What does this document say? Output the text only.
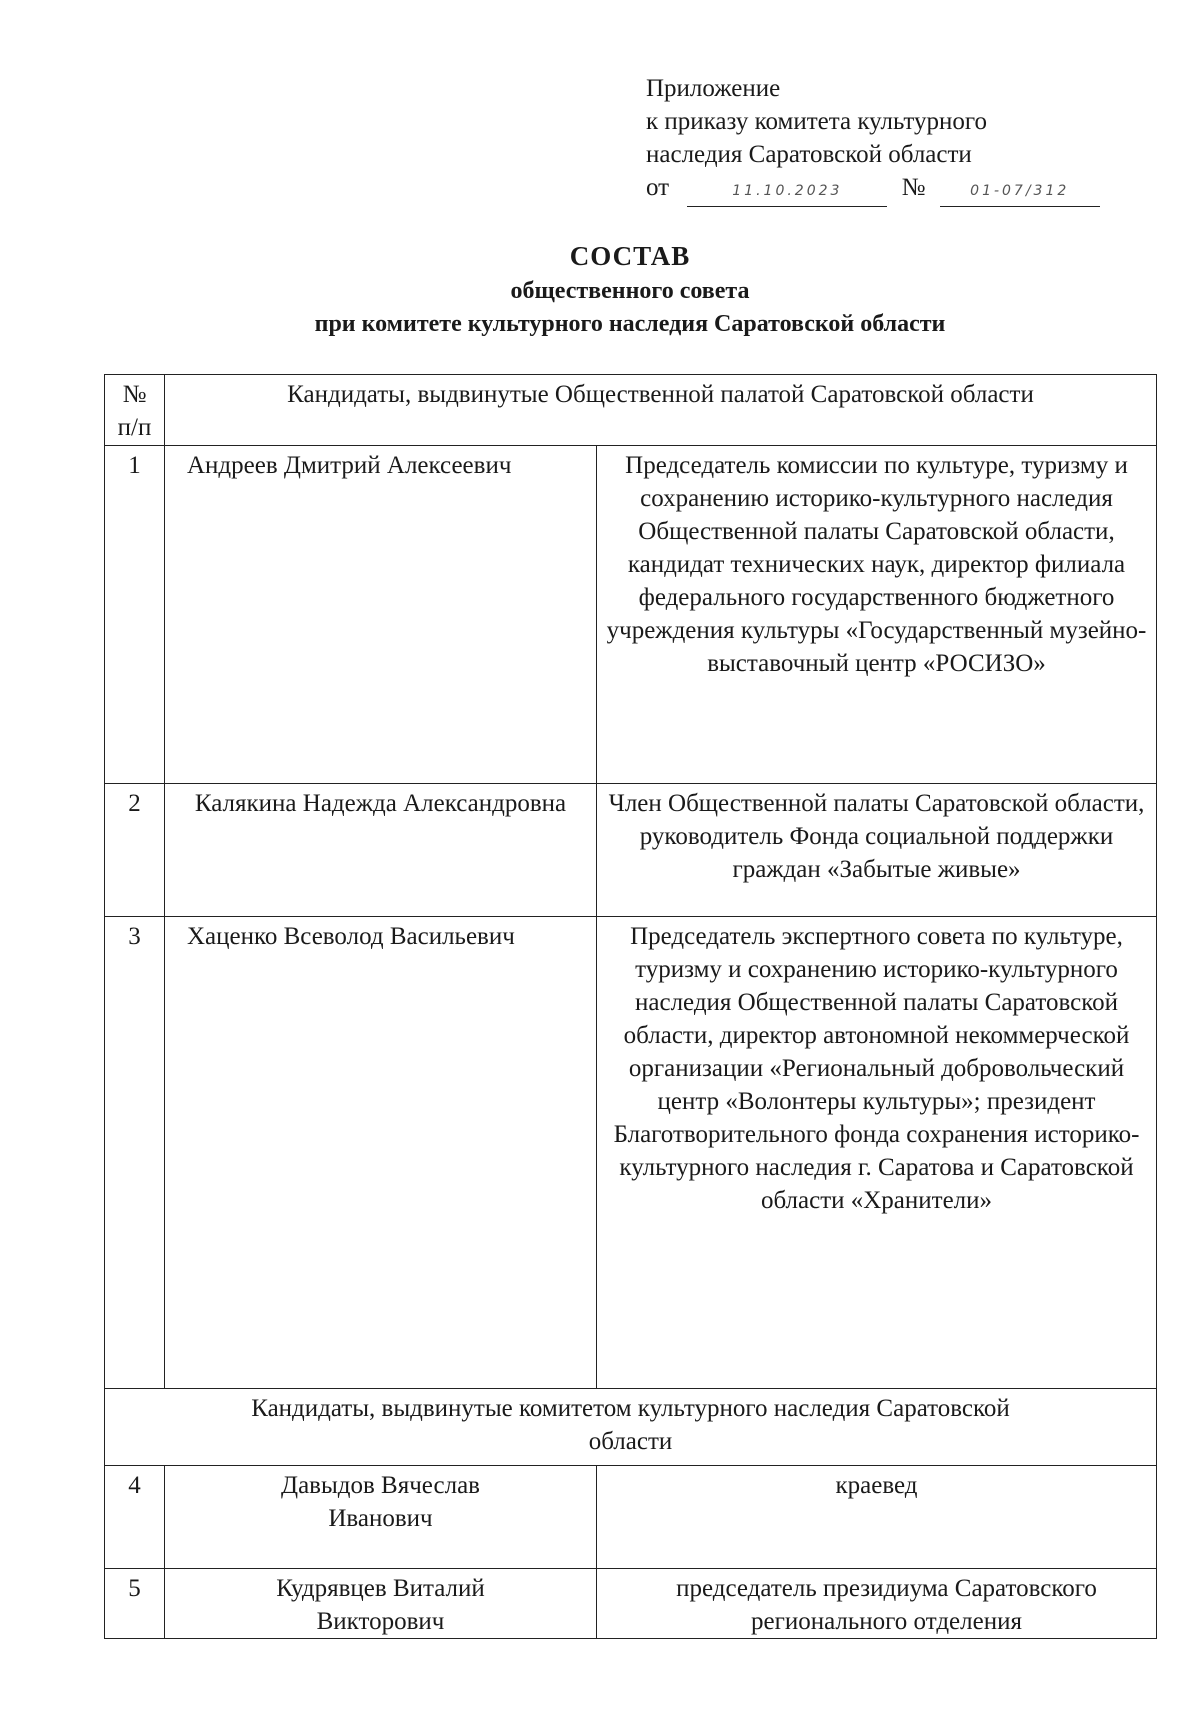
Приложение
к приказу комитета культурного
наследия Саратовской области
от	11.10.2023 №	01-07/312
СОСТАВ
общественного совета
при комитете культурного наследия Саратовской области
№ п/п	Кандидаты, выдвинутые Общественной палатой Саратовской области	
1	Андреев Дмитрий Алексеевич	Председатель комиссии по культуре, туризму и сохранению историко-культурного наследия Общественной палаты Саратовской области, кандидат технических наук, директор филиала федерального государственного бюджетного учреждения культуры «Государственный музейно-выставочный центр «РОСИЗО»
2	Калякина Надежда Александровна	Член Общественной палаты Саратовской области, руководитель Фонда социальной поддержки граждан «Забытые живые»
3	Хаценко Всеволод Васильевич	Председатель экспертного совета по культуре, туризму и сохранению историко-культурного наследия Общественной палаты Саратовской области, директор автономной некоммерческой организации «Региональный добровольческий центр «Волонтеры культуры»; президент Благотворительного фонда сохранения историко-культурного наследия г. Саратова и Саратовской области «Хранители»
Кандидаты, выдвинутые комитетом культурного наследия Саратовской области		
4	Давыдов Вячеслав Иванович	краевед
5	Кудрявцев Виталий Викторович	председатель президиума Саратовского регионального отделения
